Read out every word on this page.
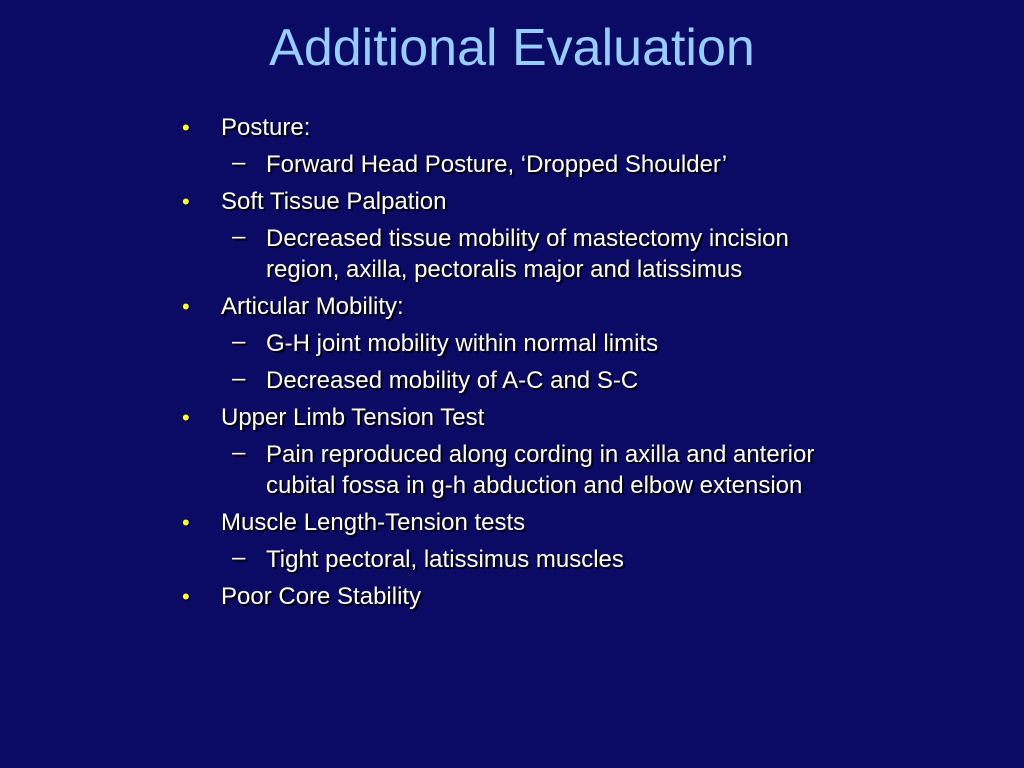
Additional Evaluation
• Posture:
– Forward Head Posture, ‘Dropped Shoulder’
• Soft Tissue Palpation
– Decreased tissue mobility of mastectomy incision region, axilla, pectoralis major and latissimus
• Articular Mobility:
– G-H joint mobility within normal limits
– Decreased mobility of A-C and S-C
• Upper Limb Tension Test
– Pain reproduced along cording in axilla and anterior cubital fossa in g-h abduction and elbow extension
• Muscle Length-Tension tests
– Tight pectoral, latissimus muscles
• Poor Core Stability
